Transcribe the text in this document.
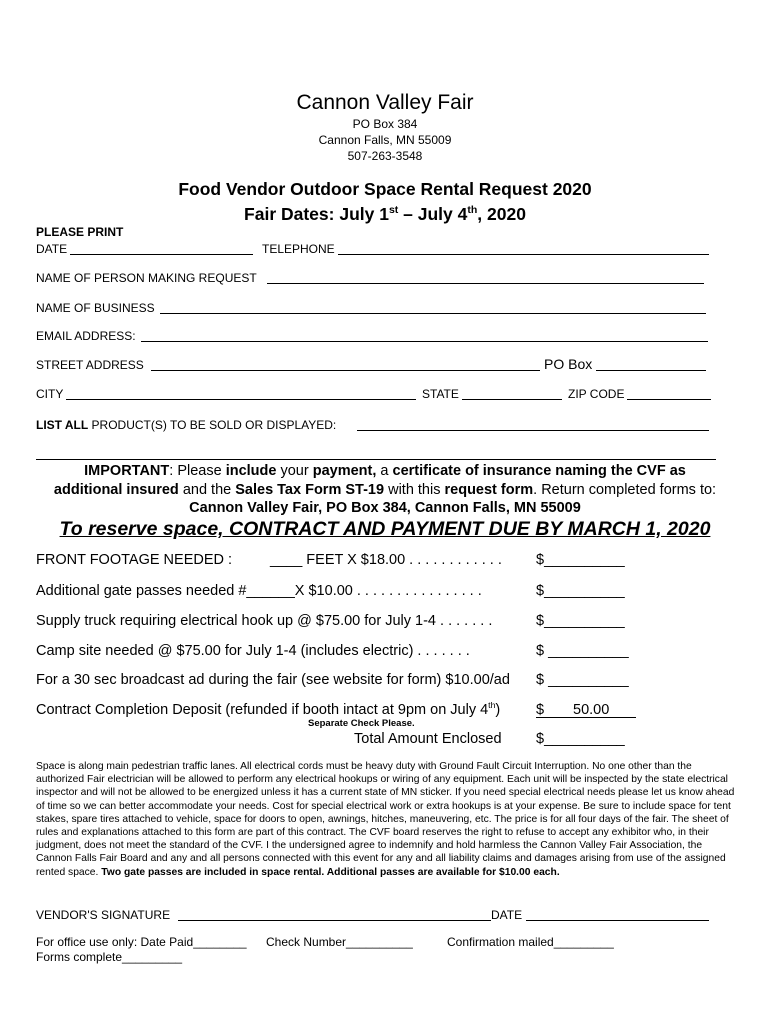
Cannon Valley Fair
PO Box 384
Cannon Falls, MN 55009
507-263-3548
Food Vendor Outdoor Space Rental Request 2020
Fair Dates: July 1st – July 4th, 2020
PLEASE PRINT
DATE	TELEPHONE
NAME OF PERSON MAKING REQUEST
NAME OF BUSINESS
EMAIL ADDRESS:
STREET ADDRESS	PO Box
CITY	STATE	ZIP CODE
LIST ALL PRODUCT(S) TO BE SOLD OR DISPLAYED:
IMPORTANT: Please include your payment, a certificate of insurance naming the CVF as
additional insured and the Sales Tax Form ST-19 with this request form. Return completed forms to:
Cannon Valley Fair, PO Box 384, Cannon Falls, MN 55009
To reserve space, CONTRACT AND PAYMENT DUE BY MARCH 1, 2020
FRONT FOOTAGE NEEDED :	____ FEET X $18.00 . . . . . . . . . . . . $__________
Additional gate passes needed #______X $10.00 . . . . . . . . . . . . . . . .	$__________
Supply truck requiring electrical hook up @ $75.00 for July 1-4 . . . . . . .	$__________
Camp site needed @ $75.00 for July 1-4 (includes electric) . . . . . . .	$ __________
For a 30 sec broadcast ad during the fair (see website for form) $10.00/ad $ __________
Contract Completion Deposit (refunded if booth intact at 9pm on July 4th) $ 50.00
Separate Check Please.
Total Amount Enclosed $__________
Space is along main pedestrian traffic lanes. All electrical cords must be heavy duty with Ground Fault Circuit Interruption. No one other than the authorized Fair electrician will be allowed to perform any electrical hookups or wiring of any equipment. Each unit will be inspected by the state electrical inspector and will not be allowed to be energized unless it has a current state of MN sticker. If you need special electrical needs please let us know ahead of time so we can better accommodate your needs. Cost for special electrical work or extra hookups is at your expense. Be sure to include space for tent stakes, spare tires attached to vehicle, space for doors to open, awnings, hitches, maneuvering, etc. The price is for all four days of the fair. The sheet of rules and explanations attached to this form are part of this contract. The CVF board reserves the right to refuse to accept any exhibitor who, in their judgment, does not meet the standard of the CVF. I the undersigned agree to indemnify and hold harmless the Cannon Valley Fair Association, the Cannon Falls Fair Board and any and all persons connected with this event for any and all liability claims and damages arising from use of the assigned rented space. Two gate passes are included in space rental. Additional passes are available for $10.00 each.
VENDOR'S SIGNATURE	DATE
For office use only: Date Paid________ Check Number__________	Confirmation mailed_________
Forms complete_________
